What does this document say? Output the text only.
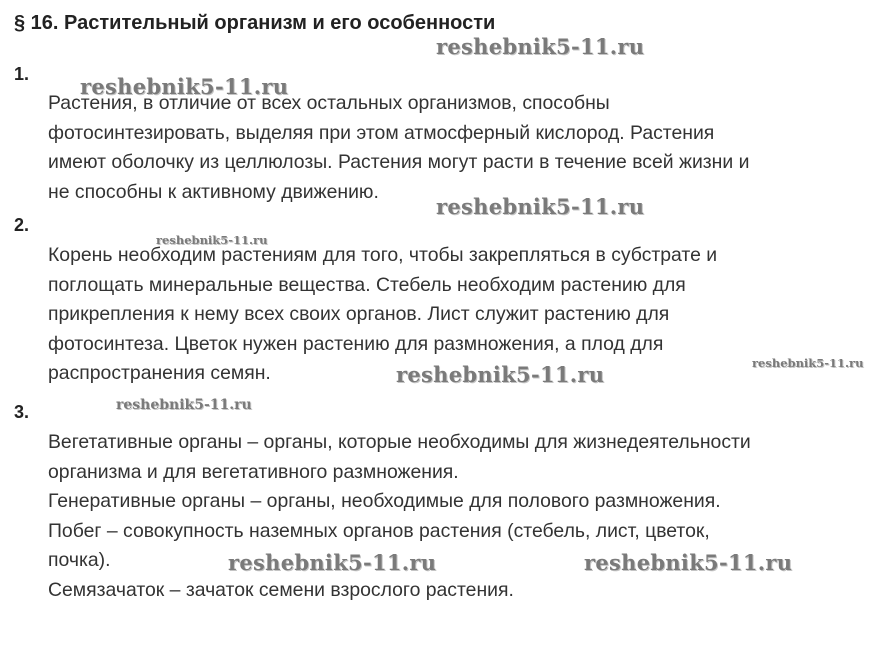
§ 16. Растительный организм и его особенности
1.

Растения, в отличие от всех остальных организмов, способны
фотосинтезировать, выделяя при этом атмосферный кислород. Растения
имеют оболочку из целлюлозы. Растения могут расти в течение всей жизни и
не способны к активному движению.

2.

Корень необходим растениям для того, чтобы закрепляться в субстрате и
поглощать минеральные вещества. Стебель необходим растению для
прикрепления к нему всех своих органов. Лист служит растению для
фотосинтеза. Цветок нужен растению для размножения, а плод для
распространения семян.

3.

Вегетативные органы – органы, которые необходимы для жизнедеятельности
организма и для вегетативного размножения.
Генеративные органы – органы, необходимые для полового размножения.
Побег – совокупность наземных органов растения (стебель, лист, цветок,
почка).
Семязачаток – зачаток семени взрослого растения.

reshebnik5-11.ru
reshebnik5-11.ru
reshebnik5-11.ru
reshebnik5-11.ru
reshebnik5-11.ru
reshebnik5-11.ru
reshebnik5-11.ru
reshebnik5-11.ru	reshebnik5-11.ru
